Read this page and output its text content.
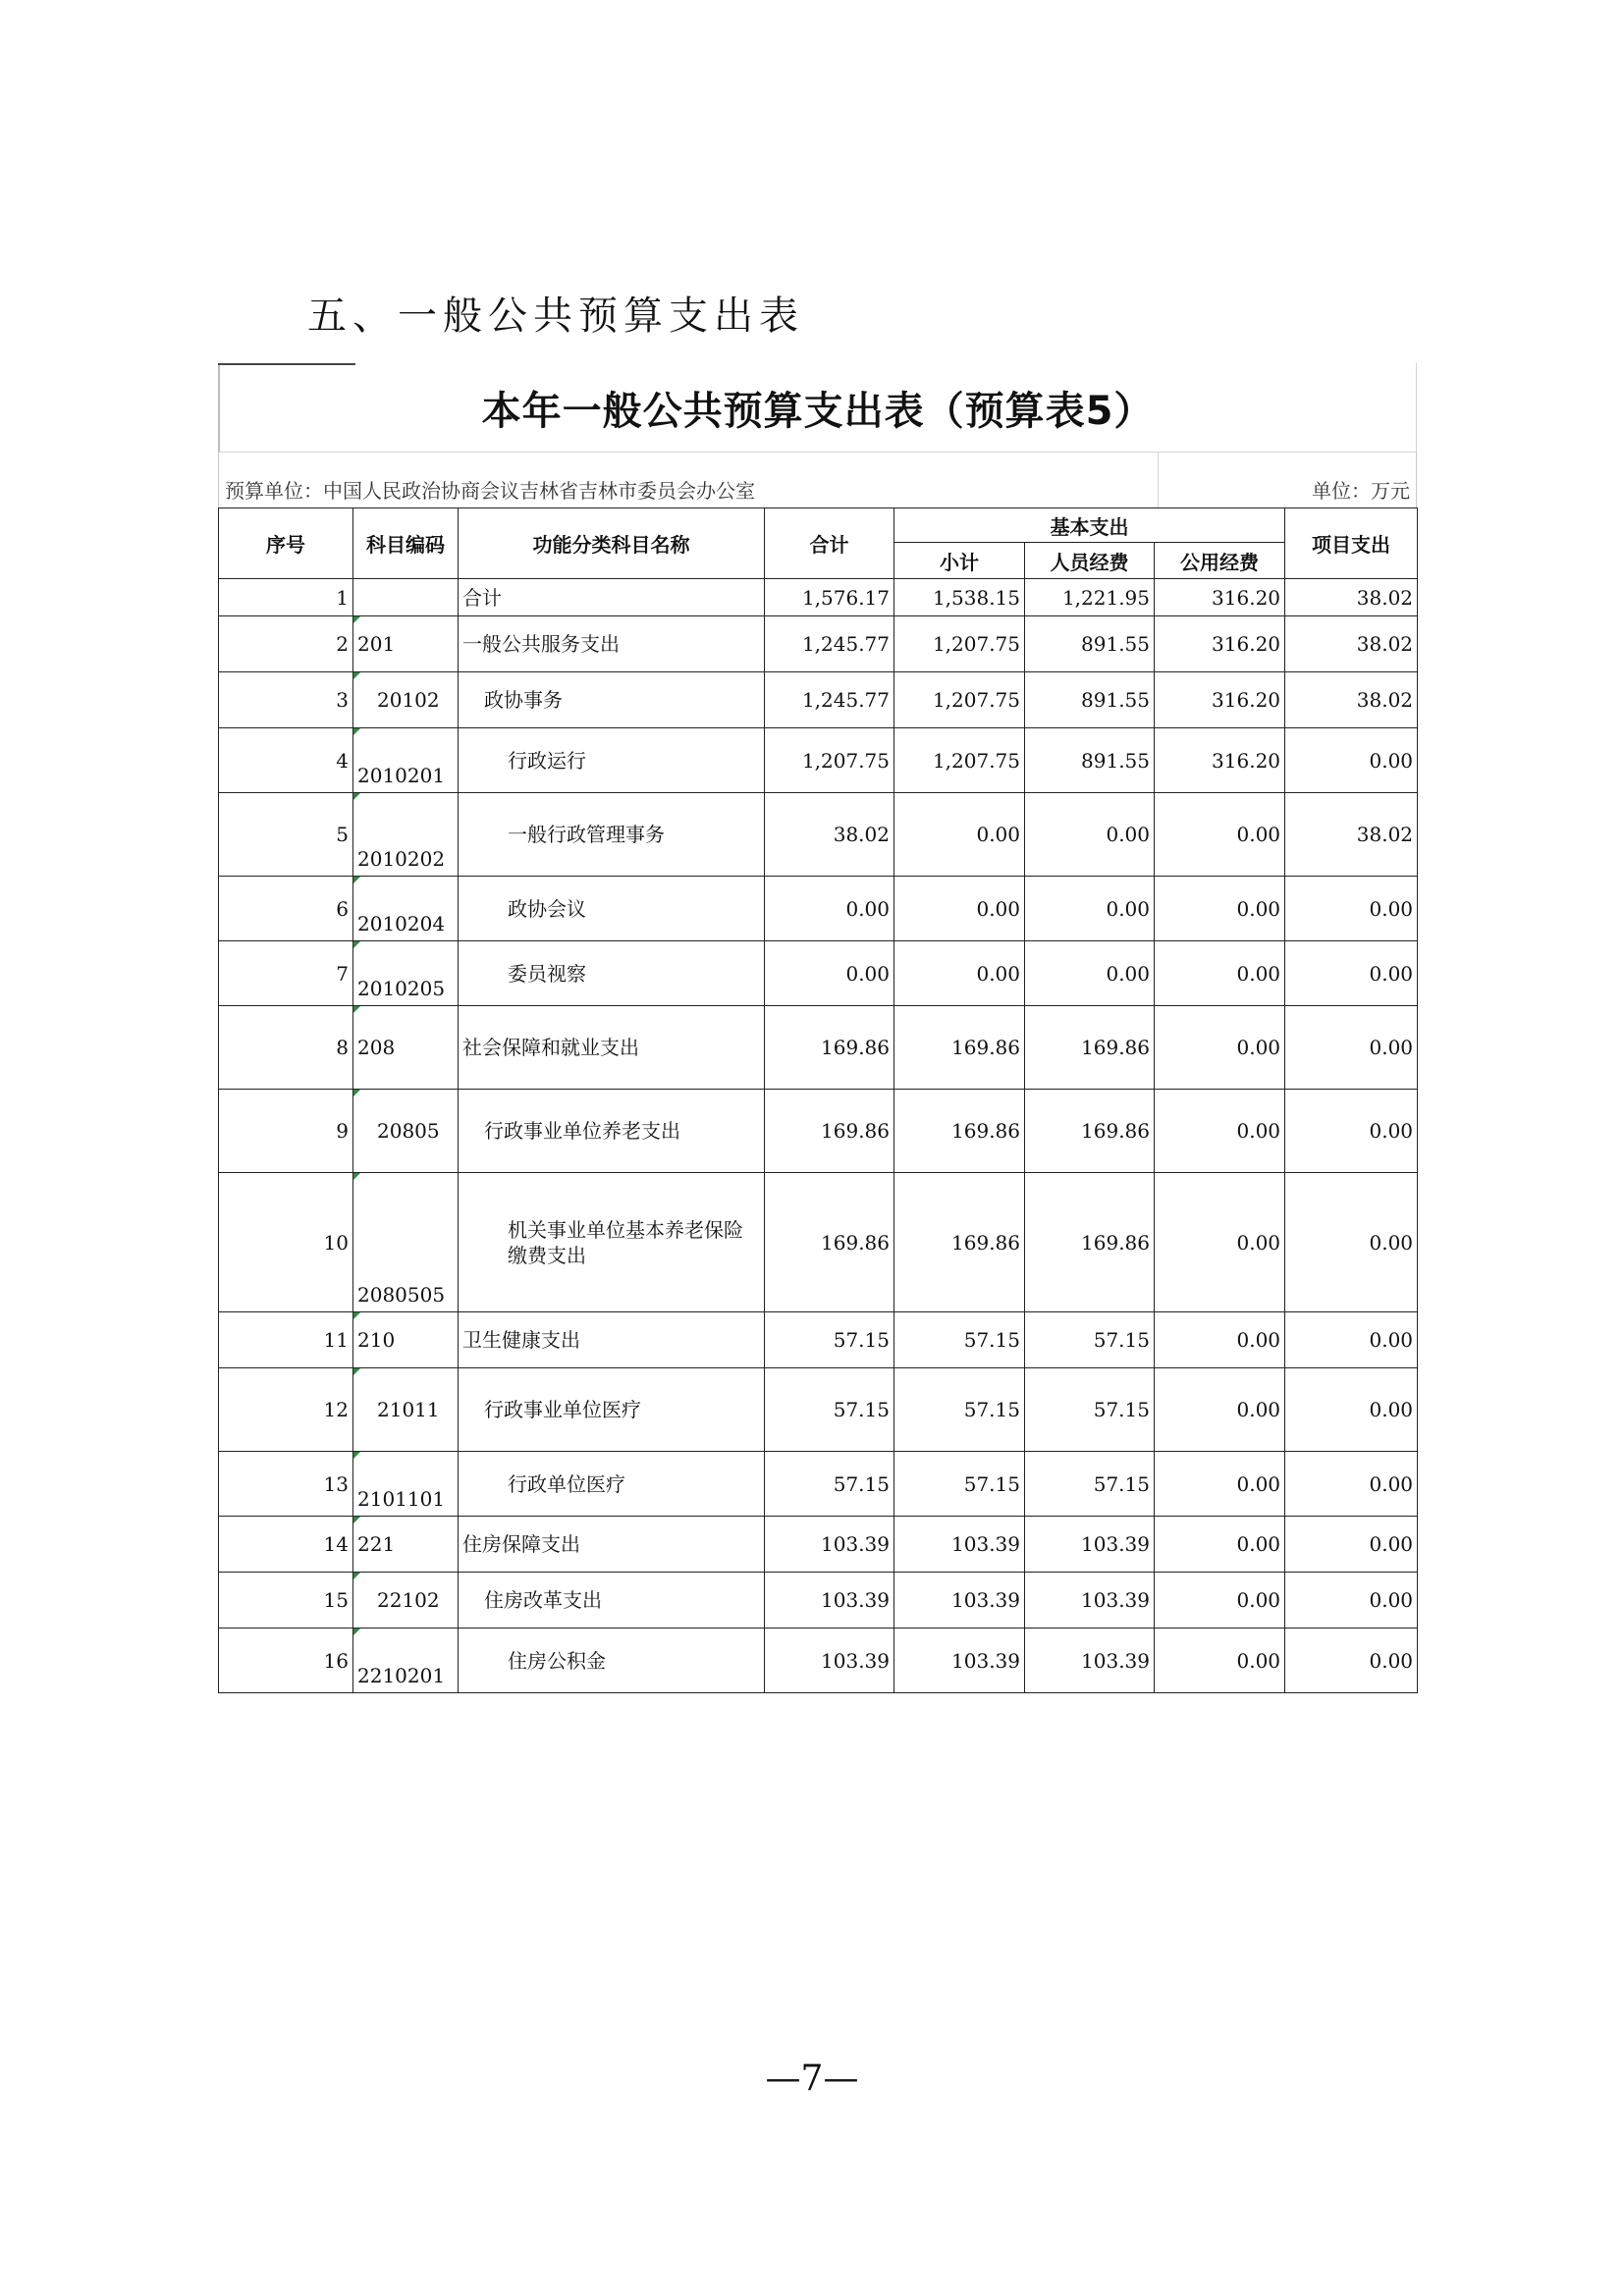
五、一般公共预算支出表
本年一般公共预算支出表（预算表5）
预算单位：中国人民政治协商会议吉林省吉林市委员会办公室	单位：万元
序号	科目编码	功能分类科目名称	合计	基本支出			项目支出
				小计	人员经费	公用经费	
1		合计	1,576.17	1,538.15	1,221.95	316.20	38.02
2	201	一般公共服务支出	1,245.77	1,207.75	891.55	316.20	38.02
3	20102	政协事务	1,245.77	1,207.75	891.55	316.20	38.02
4	2010201	行政运行	1,207.75	1,207.75	891.55	316.20	0.00
5	2010202	一般行政管理事务	38.02	0.00	0.00	0.00	38.02
6	2010204	政协会议	0.00	0.00	0.00	0.00	0.00
7	2010205	委员视察	0.00	0.00	0.00	0.00	0.00
8	208	社会保障和就业支出	169.86	169.86	169.86	0.00	0.00
9	20805	行政事业单位养老支出	169.86	169.86	169.86	0.00	0.00
10	2080505	机关事业单位基本养老保险缴费支出	169.86	169.86	169.86	0.00	0.00
11	210	卫生健康支出	57.15	57.15	57.15	0.00	0.00
12	21011	行政事业单位医疗	57.15	57.15	57.15	0.00	0.00
13	2101101	行政单位医疗	57.15	57.15	57.15	0.00	0.00
14	221	住房保障支出	103.39	103.39	103.39	0.00	0.00
15	22102	住房改革支出	103.39	103.39	103.39	0.00	0.00
16	2210201	住房公积金	103.39	103.39	103.39	0.00	0.00
—7—
